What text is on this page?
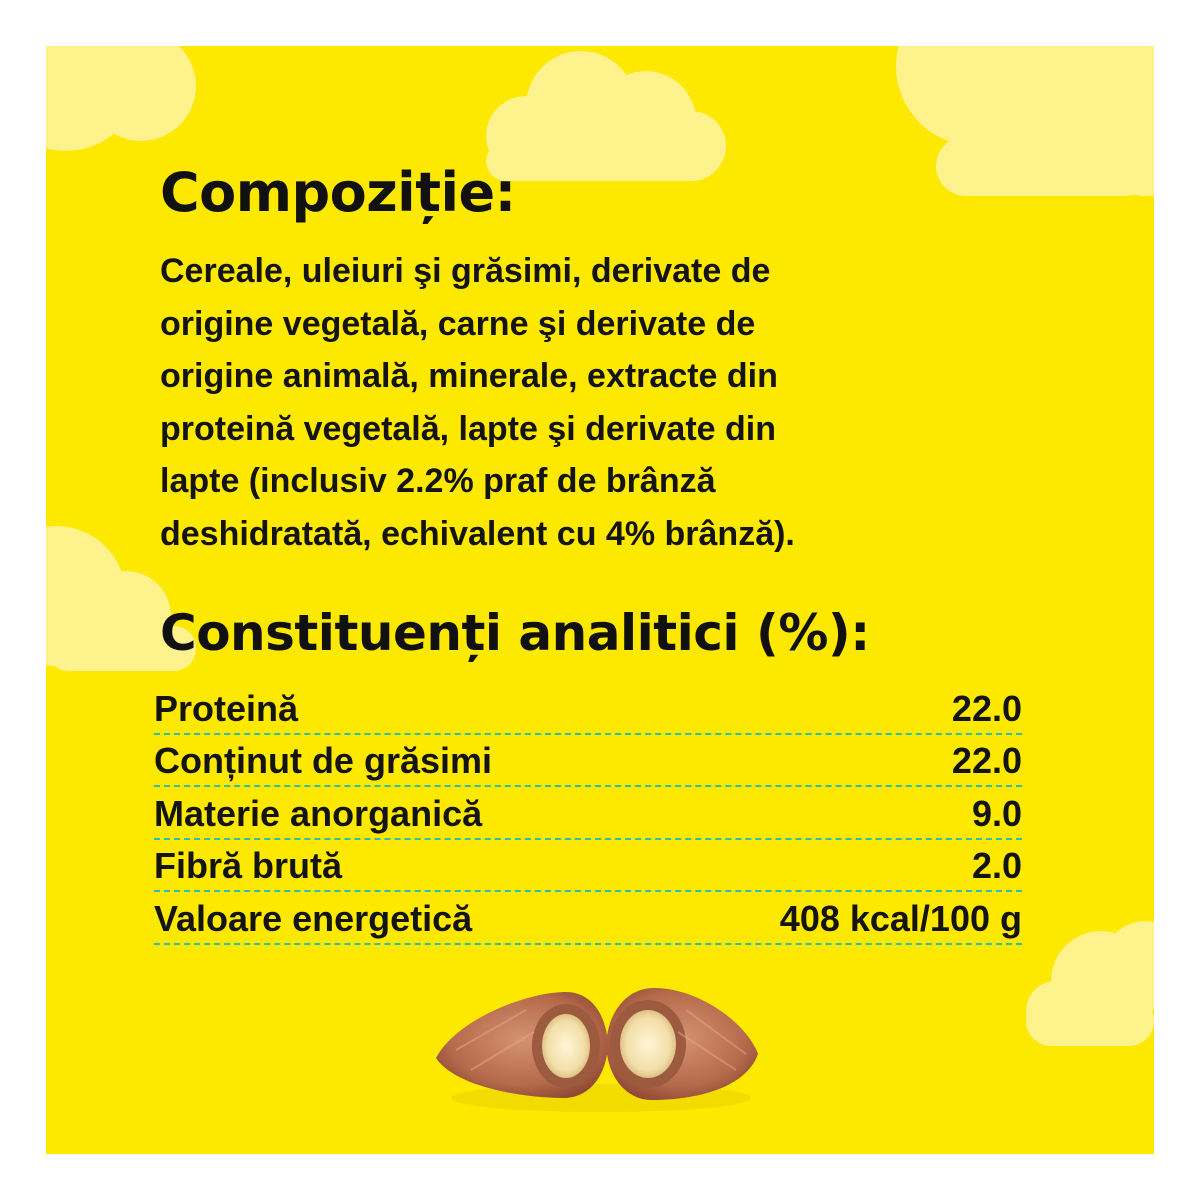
Compoziție:
Cereale, uleiuri şi grăsimi, derivate de
origine vegetală, carne şi derivate de
origine animală, minerale, extracte din
proteină vegetală, lapte şi derivate din
lapte (inclusiv 2.2% praf de brânză
deshidratată, echivalent cu 4% brânză).
Constituenți analitici (%):
Proteină	22.0
Conținut de grăsimi	22.0
Materie anorganică	9.0
Fibră brută	2.0
Valoare energetică	408 kcal/100 g
